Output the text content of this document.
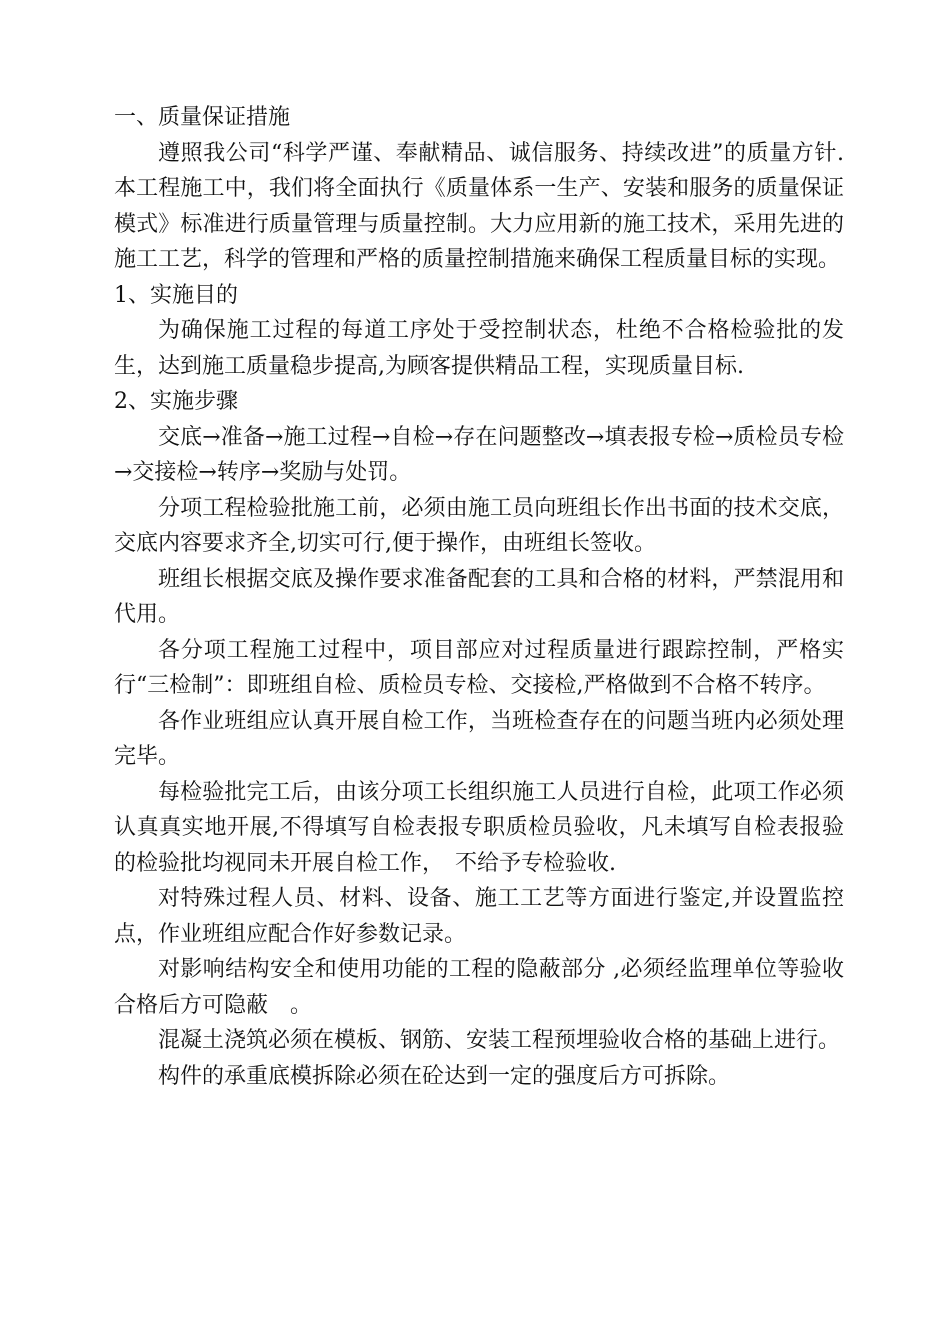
一、质量保证措施

遵照我公司“科学严谨、奉献精品、诚信服务、持续改进”的质量方针.本工程施工中，我们将全面执行《质量体系一生产、安装和服务的质量保证模式》标准进行质量管理与质量控制。大力应用新的施工技术，采用先进的施工工艺，科学的管理和严格的质量控制措施来确保工程质量目标的实现。

1、实施目的

为确保施工过程的每道工序处于受控制状态，杜绝不合格检验批的发生，达到施工质量稳步提高,为顾客提供精品工程，实现质量目标.

2、实施步骤

交底→准备→施工过程→自检→存在问题整改→填表报专检→质检员专检→交接检→转序→奖励与处罚。

分项工程检验批施工前，必须由施工员向班组长作出书面的技术交底，交底内容要求齐全,切实可行,便于操作，由班组长签收。

班组长根据交底及操作要求准备配套的工具和合格的材料，严禁混用和代用。

各分项工程施工过程中，项目部应对过程质量进行跟踪控制，严格实行“三检制”：即班组自检、质检员专检、交接检,严格做到不合格不转序。

各作业班组应认真开展自检工作，当班检查存在的问题当班内必须处理完毕。

每检验批完工后，由该分项工长组织施工人员进行自检，此项工作必须认真真实地开展,不得填写自检表报专职质检员验收，凡未填写自检表报验的检验批均视同未开展自检工作，　不给予专检验收.

对特殊过程人员、材料、设备、施工工艺等方面进行鉴定,并设置监控点，作业班组应配合作好参数记录。

对影响结构安全和使用功能的工程的隐蔽部分 ,必须经监理单位等验收合格后方可隐蔽　。

混凝土浇筑必须在模板、钢筋、安装工程预埋验收合格的基础上进行。

构件的承重底模拆除必须在砼达到一定的强度后方可拆除。
